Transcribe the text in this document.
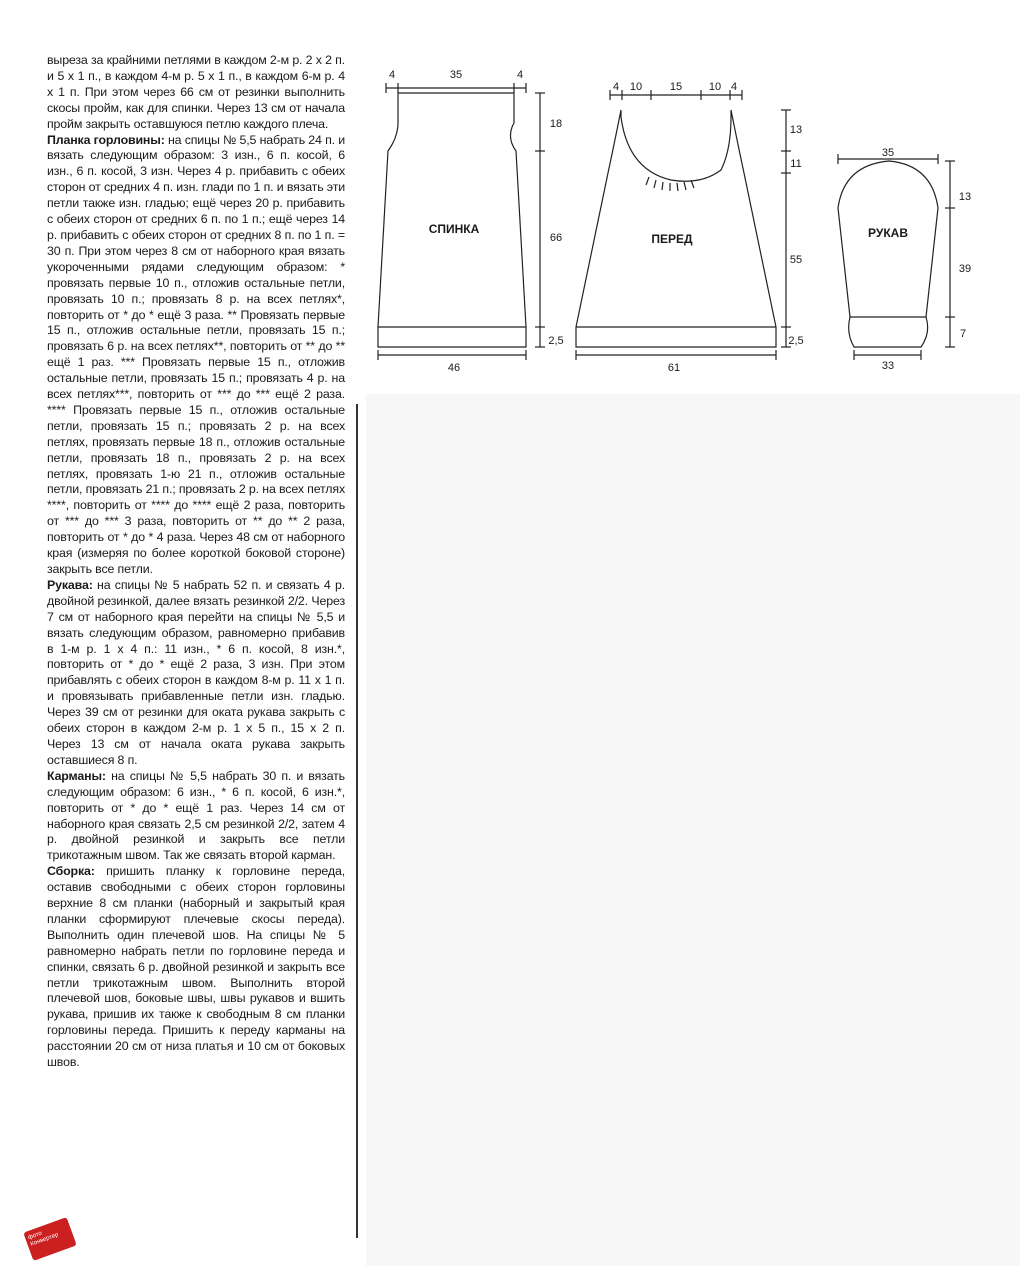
выреза за крайними петлями в каждом 2-м р. 2 х 2 п. и 5 х 1 п., в каждом 4-м р. 5 х 1 п., в каждом 6-м р. 4 х 1 п. При этом через 66 см от резинки выполнить скосы пройм, как для спинки. Через 13 см от начала пройм закрыть оставшуюся петлю каждого плеча.

Планка горловины: на спицы № 5,5 набрать 24 п. и вязать следующим образом: 3 изн., 6 п. косой, 6 изн., 6 п. косой, 3 изн. Через 4 р. прибавить с обеих сторон от средних 4 п. изн. глади по 1 п. и вязать эти петли также изн. гладью; ещё через 20 р. прибавить с обеих сторон от средних 6 п. по 1 п.; ещё через 14 р. прибавить с обеих сторон от средних 8 п. по 1 п. = 30 п. При этом через 8 см от наборного края вязать укороченными рядами следующим образом: * провязать первые 10 п., отложив остальные петли, провязать 10 п.; провязать 8 р. на всех петлях*, повторить от * до * ещё 3 раза. ** Провязать первые 15 п., отложив остальные петли, провязать 15 п.; провязать 6 р. на всех петлях**, повторить от ** до ** ещё 1 раз. *** Провязать первые 15 п., отложив остальные петли, провязать 15 п.; провязать 4 р. на всех петлях***, повторить от *** до *** ещё 2 раза. **** Провязать первые 15 п., отложив остальные петли, провязать 15 п.; провязать 2 р. на всех петлях, провязать первые 18 п., отложив остальные петли, провязать 18 п., провязать 2 р. на всех петлях, провязать 1-ю 21 п., отложив остальные петли, провязать 21 п.; провязать 2 р. на всех петлях ****, повторить от **** до **** ещё 2 раза, повторить от *** до *** 3 раза, повторить от ** до ** 2 раза, повторить от * до * 4 раза. Через 48 см от наборного края (измеряя по более короткой боковой стороне) закрыть все петли.

Рукава: на спицы № 5 набрать 52 п. и связать 4 р. двойной резинкой, далее вязать резинкой 2/2. Через 7 см от наборного края перейти на спицы № 5,5 и вязать следующим образом, равномерно прибавив в 1-м р. 1 х 4 п.: 11 изн., * 6 п. косой, 8 изн.*, повторить от * до * ещё 2 раза, 3 изн. При этом прибавлять с обеих сторон в каждом 8-м р. 11 х 1 п. и провязывать прибавленные петли изн. гладью. Через 39 см от резинки для оката рукава закрыть с обеих сторон в каждом 2-м р. 1 х 5 п., 15 х 2 п. Через 13 см от начала оката рукава закрыть оставшиеся 8 п.

Карманы: на спицы № 5,5 набрать 30 п. и вязать следующим образом: 6 изн., * 6 п. косой, 6 изн.*, повторить от * до * ещё 1 раз. Через 14 см от наборного края связать 2,5 см резинкой 2/2, затем 4 р. двойной резинкой и закрыть все петли трикотажным швом. Так же связать второй карман.

Сборка: пришить планку к горловине переда, оставив свободными с обеих сторон горловины верхние 8 см планки (наборный и закрытый края планки сформируют плечевые скосы переда). Выполнить один плечевой шов. На спицы № 5 равномерно набрать петли по горловине переда и спинки, связать 6 р. двойной резинкой и закрыть все петли трикотажным швом. Выполнить второй плечевой шов, боковые швы, швы рукавов и вшить рукава, пришив их также к свободным 8 см планки горловины переда. Пришить к переду карманы на расстоянии 20 см от низа платья и 10 см от боковых швов.

СПИНКА
ПЕРЕД	РУКАВ
4	35	4
18
66
2,5
46
4 10	15 10 4
13
11
55
2,5
61
35
13
39
7
33
фото Конвертер
